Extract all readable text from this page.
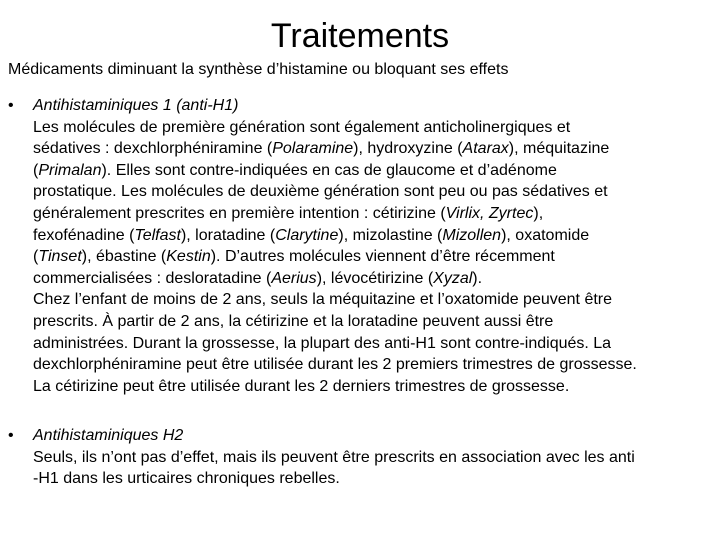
Traitements
Médicaments diminuant la synthèse d’histamine ou bloquant ses effets
• Antihistaminiques 1 (anti-H1)
Les molécules de première génération sont également anticholinergiques et
sédatives : dexchlorphéniramine (Polaramine), hydroxyzine (Atarax), méquitazine
(Primalan). Elles sont contre-indiquées en cas de glaucome et d’adénome
prostatique. Les molécules de deuxième génération sont peu ou pas sédatives et
généralement prescrites en première intention : cétirizine (Virlix, Zyrtec),
fexofénadine (Telfast), loratadine (Clarytine), mizolastine (Mizollen), oxatomide
(Tinset), ébastine (Kestin). D’autres molécules viennent d’être récemment
commercialisées : desloratadine (Aerius), lévocétirizine (Xyzal).
Chez l’enfant de moins de 2 ans, seuls la méquitazine et l’oxatomide peuvent être
prescrits. À partir de 2 ans, la cétirizine et la loratadine peuvent aussi être
administrées. Durant la grossesse, la plupart des anti-H1 sont contre-indiqués. La
dexchlorphéniramine peut être utilisée durant les 2 premiers trimestres de grossesse.
La cétirizine peut être utilisée durant les 2 derniers trimestres de grossesse.
• Antihistaminiques H2
Seuls, ils n’ont pas d’effet, mais ils peuvent être prescrits en association avec les anti
-H1 dans les urticaires chroniques rebelles.
